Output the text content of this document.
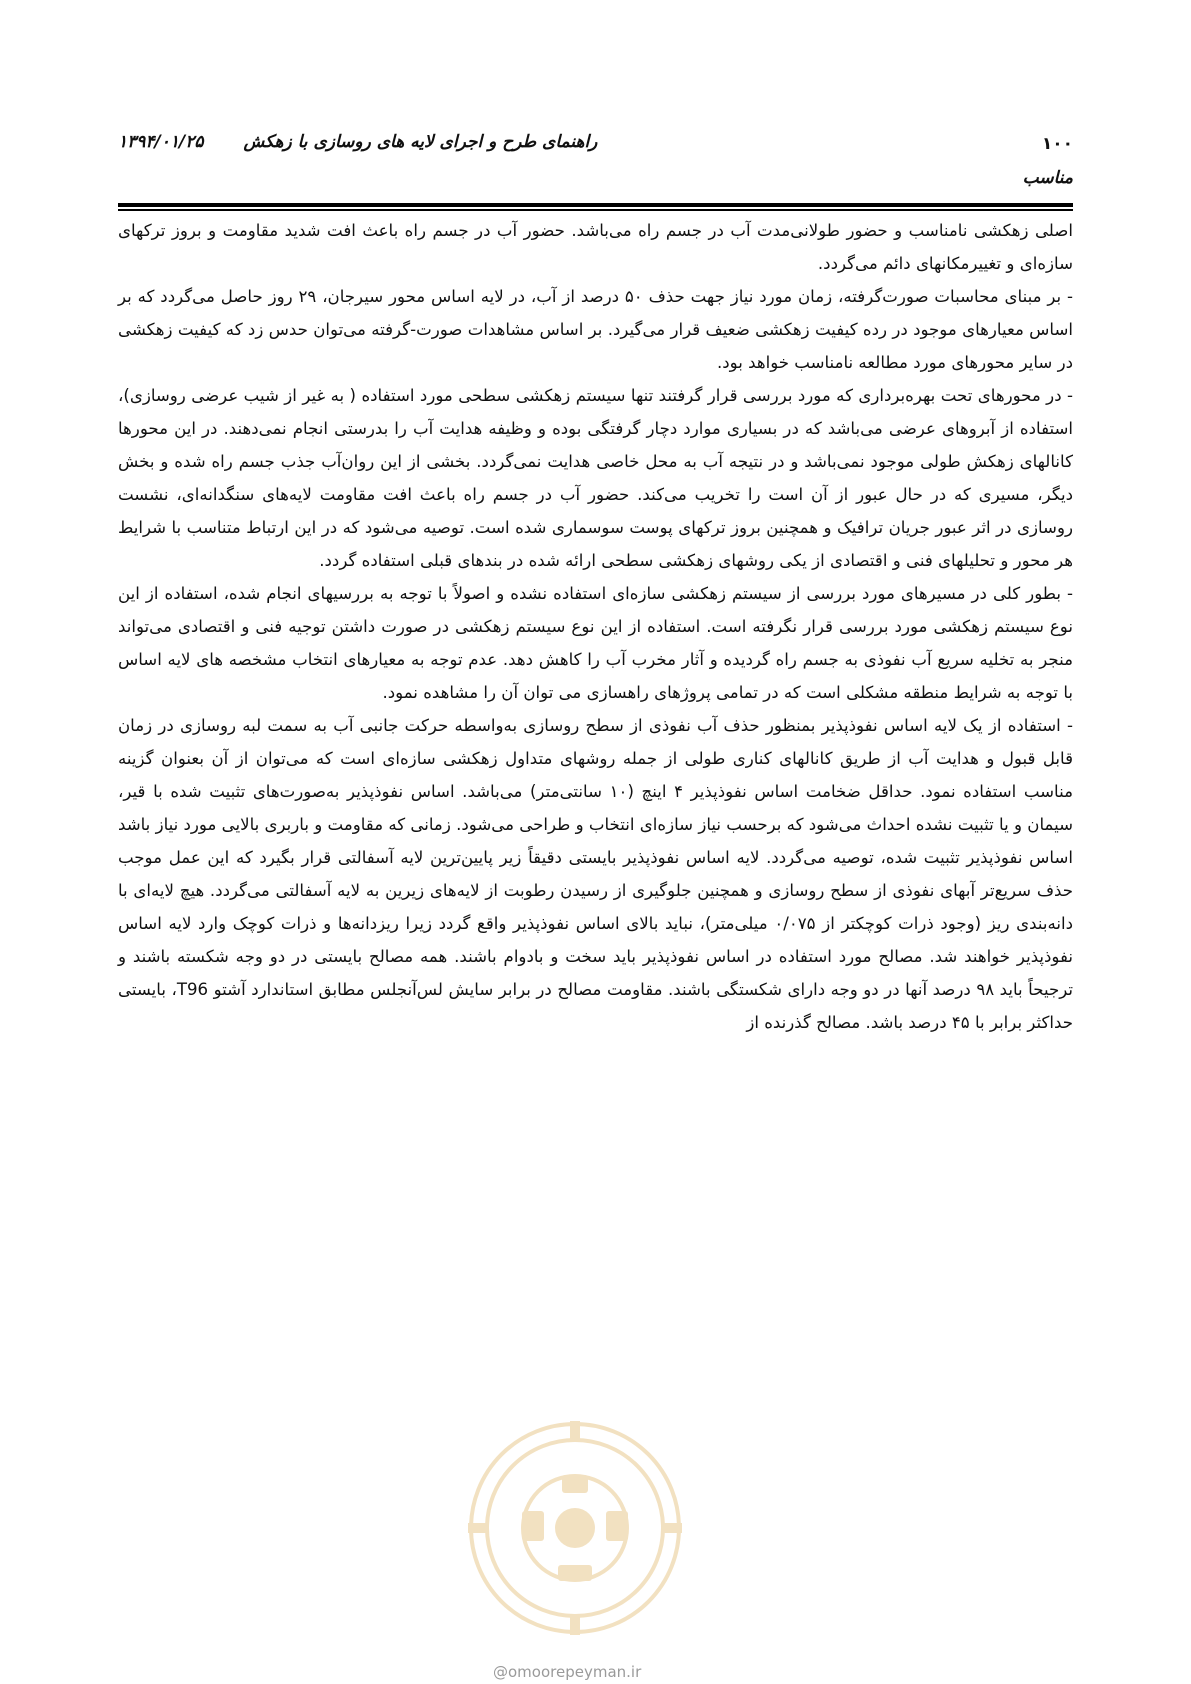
۱۰۰
راهنمای طرح و اجرای لایه های روسازی با زهکش۱۳۹۴/۰۱/۲۵
مناسب

اصلی زهکشی نامناسب و حضور طولانی‌مدت آب در جسم راه می‌باشد. حضور آب در جسم راه باعث افت شدید مقاومت و بروز ترکهای سازه‌ای و تغییرمکانهای دائم می‌گردد.

- بر مبنای محاسبات صورت‌گرفته، زمان مورد نیاز جهت حذف ۵۰ درصد از آب، در لایه اساس محور سیرجان، ۲۹ روز حاصل می‌گردد که بر اساس معیارهای موجود در رده کیفیت زهکشی ضعیف قرار می‌گیرد. بر اساس مشاهدات صورت-گرفته می‌توان حدس زد که کیفیت زهکشی در سایر محورهای مورد مطالعه نامناسب خواهد بود.

- در محورهای تحت بهره‌برداری که مورد بررسی قرار گرفتند تنها سیستم زهکشی سطحی مورد استفاده ( به غیر از شیب عرضی روسازی)، استفاده از آبروهای عرضی می‌باشد که در بسیاری موارد دچار گرفتگی بوده و وظیفه هدایت آب را بدرستی انجام نمی‌دهند. در این محورها کانالهای زهکش طولی موجود نمی‌باشد و در نتیجه آب به محل خاصی هدایت نمی‌گردد. بخشی از این روان‌آب جذب جسم راه شده و بخش دیگر، مسیری که در حال عبور از آن است را تخریب می‌کند. حضور آب در جسم راه باعث افت مقاومت لایه‌های سنگدانه‌ای، نشست روسازی در اثر عبور جریان ترافیک و همچنین بروز ترکهای پوست سوسماری شده است. توصیه می‌شود که در این ارتباط متناسب با شرایط هر محور و تحلیلهای فنی و اقتصادی از یکی روشهای زهکشی سطحی ارائه شده در بندهای قبلی استفاده گردد.

- بطور کلی در مسیرهای مورد بررسی از سیستم زهکشی سازه‌ای استفاده نشده و اصولاً با توجه به بررسیهای انجام شده، استفاده از این نوع سیستم زهکشی مورد بررسی قرار نگرفته است. استفاده از این نوع سیستم زهکشی در صورت داشتن توجیه فنی و اقتصادی می‌تواند منجر به تخلیه سریع آب نفوذی به جسم راه گردیده و آثار مخرب آب را کاهش دهد. عدم توجه به معیارهای انتخاب مشخصه های لایه اساس با توجه به شرایط منطقه مشکلی است که در تمامی پروژهای راهسازی می توان آن را مشاهده نمود.

- استفاده از یک لایه اساس نفوذپذیر بمنظور حذف آب نفوذی از سطح روسازی به‌واسطه حرکت جانبی آب به سمت لبه روسازی در زمان قابل قبول و هدایت آب از طریق کانالهای کناری طولی از جمله روشهای متداول زهکشی سازه‌ای است که می‌توان از آن بعنوان گزینه مناسب استفاده نمود. حداقل ضخامت اساس نفوذپذیر ۴ اینچ (۱۰ سانتی‌متر) می‌باشد. اساس نفوذپذیر به‌صورت‌های تثبیت شده با قیر، سیمان و یا تثبیت نشده احداث می‌شود که برحسب نیاز سازه‌ای انتخاب و طراحی می‌شود. زمانی که مقاومت و باربری بالایی مورد نیاز باشد اساس نفوذپذیر تثبیت شده، توصیه می‌گردد. لایه اساس نفوذپذیر بایستی دقیقاً زیر پایین‌ترین لایه آسفالتی قرار بگیرد که این عمل موجب حذف سریع‌تر آبهای نفوذی از سطح روسازی و همچنین جلوگیری از رسیدن رطوبت از لایه‌های زیرین به لایه آسفالتی می‌گردد. هیچ لایه‌ای با دانه‌بندی ریز (وجود ذرات کوچکتر از ۰/۰۷۵ میلی‌متر)، نباید بالای اساس نفوذپذیر واقع گردد زیرا ریزدانه‌ها و ذرات کوچک وارد لایه اساس نفوذپذیر خواهند شد. مصالح مورد استفاده در اساس نفوذپذیر باید سخت و بادوام باشند. همه مصالح بایستی در دو وجه شکسته باشند و ترجیحاً باید ۹۸ درصد آنها در دو وجه دارای شکستگی باشند. مقاومت مصالح در برابر سایش لس‌آنجلس مطابق استاندارد آشتو T96، بایستی حداکثر برابر با ۴۵ درصد باشد. مصالح گذرنده از

@omoorepeyman.ir
